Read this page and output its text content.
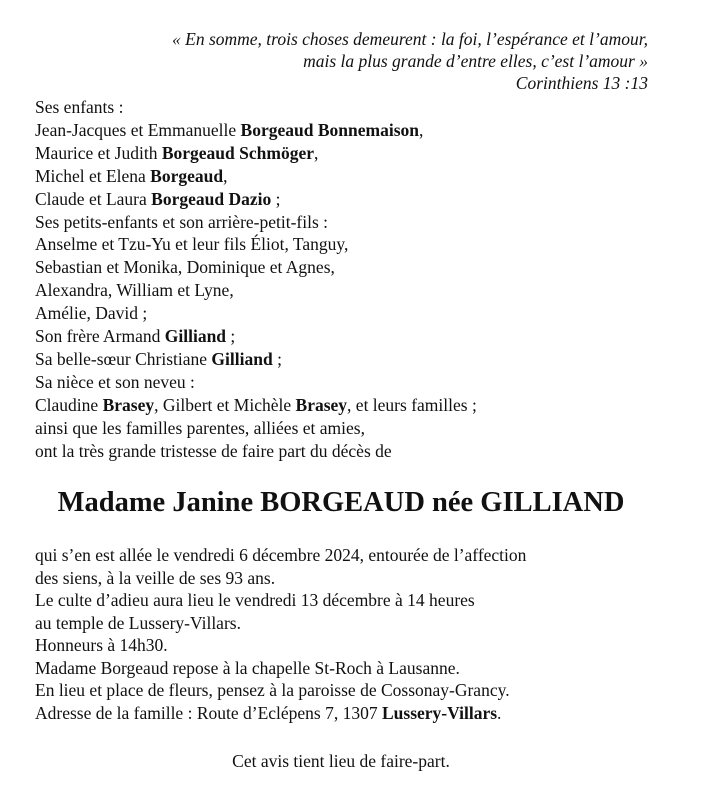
« En somme, trois choses demeurent : la foi, l’espérance et l’amour,
mais la plus grande d’entre elles, c’est l’amour »
Corinthiens 13 :13
Ses enfants :
Jean-Jacques et Emmanuelle Borgeaud Bonnemaison,
Maurice et Judith Borgeaud Schmöger,
Michel et Elena Borgeaud,
Claude et Laura Borgeaud Dazio ;
Ses petits-enfants et son arrière-petit-fils :
Anselme et Tzu-Yu et leur fils Éliot, Tanguy,
Sebastian et Monika, Dominique et Agnes,
Alexandra, William et Lyne,
Amélie, David ;
Son frère Armand Gilliand ;
Sa belle-sœur Christiane Gilliand ;
Sa nièce et son neveu :
Claudine Brasey, Gilbert et Michèle Brasey, et leurs familles ;
ainsi que les familles parentes, alliées et amies,
ont la très grande tristesse de faire part du décès de
Madame Janine BORGEAUD née GILLIAND
qui s’en est allée le vendredi 6 décembre 2024, entourée de l’affection
des siens, à la veille de ses 93 ans.
Le culte d’adieu aura lieu le vendredi 13 décembre à 14 heures
au temple de Lussery-Villars.
Honneurs à 14h30.
Madame Borgeaud repose à la chapelle St-Roch à Lausanne.
En lieu et place de fleurs, pensez à la paroisse de Cossonay-Grancy.
Adresse de la famille : Route d’Eclépens 7, 1307 Lussery-Villars.
Cet avis tient lieu de faire-part.
